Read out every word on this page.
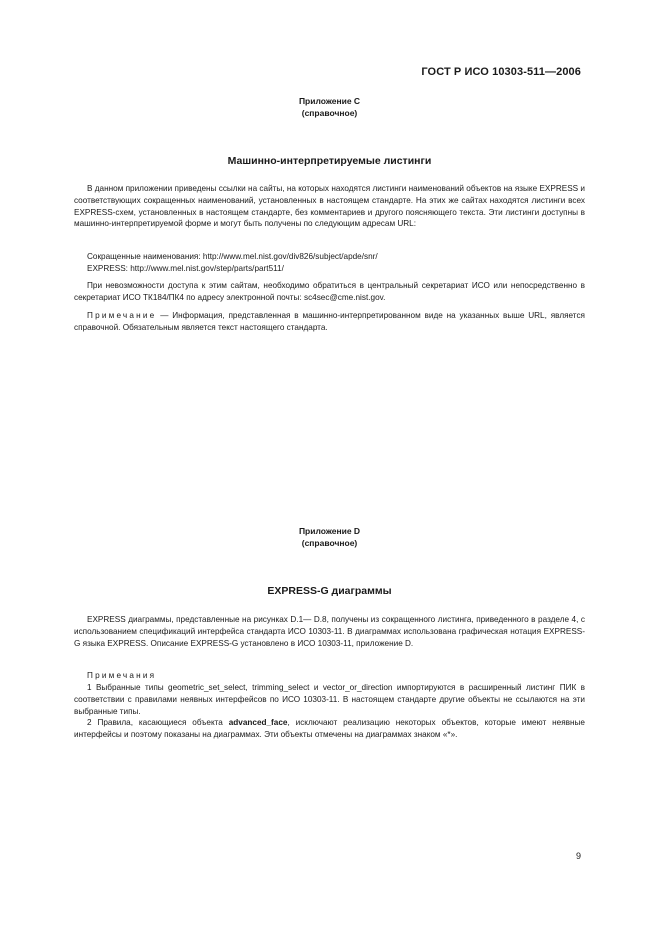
ГОСТ Р ИСО 10303-511—2006
Приложение C
(справочное)
Машинно-интерпретируемые листинги

В данном приложении приведены ссылки на сайты, на которых находятся листинги наименований объектов на языке EXPRESS и соответствующих сокращенных наименований, установленных в настоящем стандарте. На этих же сайтах находятся листинги всех EXPRESS-схем, установленных в настоящем стандарте, без комментариев и другого поясняющего текста. Эти листинги доступны в машинно-интерпретируемой форме и могут быть получены по следующим адресам URL:

Сокращенные наименования: http://www.mel.nist.gov/div826/subject/apde/snr/
EXPRESS: http://www.mel.nist.gov/step/parts/part511/

При невозможности доступа к этим сайтам, необходимо обратиться в центральный секретариат ИСО или непосредственно в секретариат ИСО ТК184/ПК4 по адресу электронной почты: sc4sec@cme.nist.gov.

Примечание — Информация, представленная в машинно-интерпретированном виде на указанных выше URL, является справочной. Обязательным является текст настоящего стандарта.

Приложение D
(справочное)
EXPRESS-G диаграммы

EXPRESS диаграммы, представленные на рисунках D.1— D.8, получены из сокращенного листинга, приведенного в разделе 4, с использованием спецификаций интерфейса стандарта ИСО 10303-11. В диаграммах использована графическая нотация EXPRESS-G языка EXPRESS. Описание EXPRESS-G установлено в ИСО 10303-11, приложение D.

Примечания

1 Выбранные типы geometric_set_select, trimming_select и vector_or_direction импортируются в расширенный листинг ПИК в соответствии с правилами неявных интерфейсов по ИСО 10303-11. В настоящем стандарте другие объекты не ссылаются на эти выбранные типы.

2 Правила, касающиеся объекта advanced_face, исключают реализацию некоторых объектов, которые имеют неявные интерфейсы и поэтому показаны на диаграммах. Эти объекты отмечены на диаграммах знаком «*».

9
